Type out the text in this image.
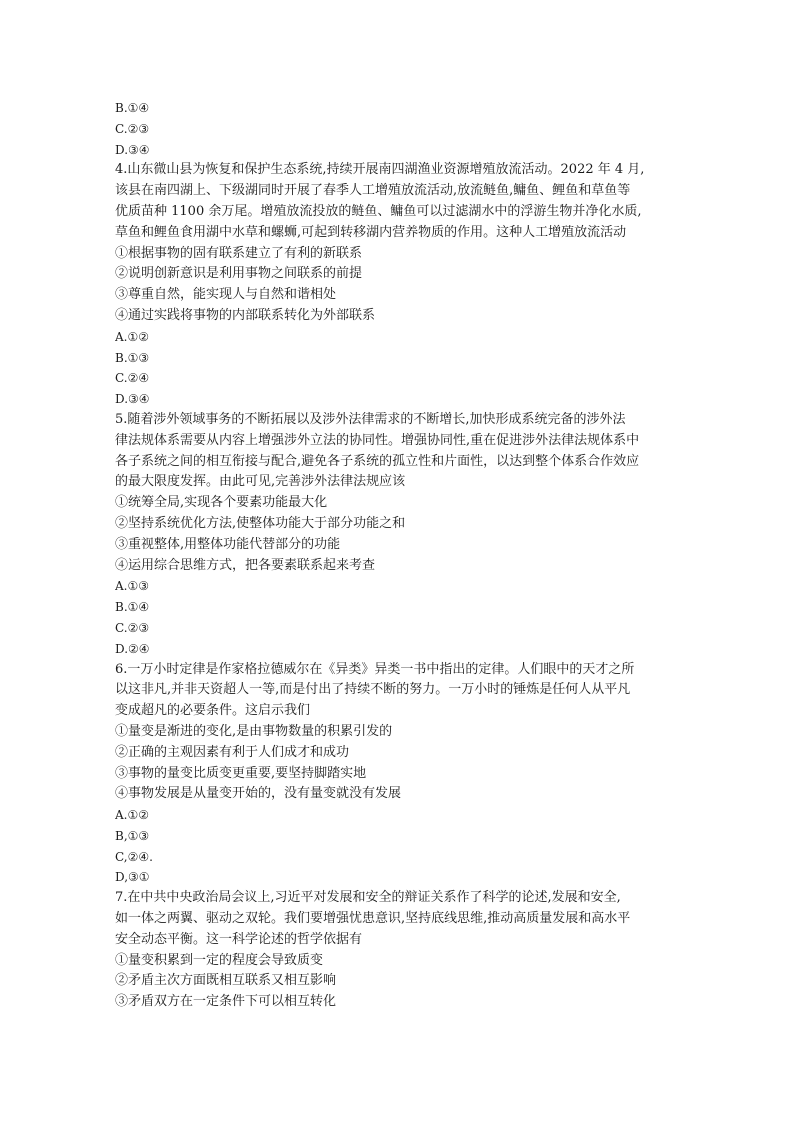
B.①④
C.②③
D.③④
4.山东微山县为恢复和保护生态系统,持续开展南四湖渔业资源增殖放流活动。2022 年 4 月,
该县在南四湖上、下级湖同时开展了春季人工增殖放流活动,放流鲢鱼,鳙鱼、鲤鱼和草鱼等
优质苗种 1100 余万尾。增殖放流投放的鲢鱼、鳙鱼可以过滤湖水中的浮游生物并净化水质,
草鱼和鲤鱼食用湖中水草和螺蛳,可起到转移湖内营养物质的作用。这种人工增殖放流活动
①根据事物的固有联系建立了有利的新联系
②说明创新意识是利用事物之间联系的前提
③尊重自然，能实现人与自然和谐相处
④通过实践将事物的内部联系转化为外部联系
A.①②
B.①③
C.②④
D.③④
5.随着涉外领域事务的不断拓展以及涉外法律需求的不断增长,加快形成系统完备的涉外法
律法规体系需要从内容上增强涉外立法的协同性。增强协同性,重在促进涉外法律法规体系中
各子系统之间的相互衔接与配合,避免各子系统的孤立性和片面性，以达到整个体系合作效应
的最大限度发挥。由此可见,完善涉外法律法规应该
①统筹全局,实现各个要素功能最大化
②坚持系统优化方法,使整体功能大于部分功能之和
③重视整体,用整体功能代替部分的功能
④运用综合思维方式，把各要素联系起来考查
A.①③
B.①④
C.②③
D.②④
6.一万小时定律是作家格拉德威尔在《异类》异类一书中指出的定律。人们眼中的天才之所
以这非凡,并非天资超人一等,而是付出了持续不断的努力。一万小时的锤炼是任何人从平凡
变成超凡的必要条件。这启示我们
①量变是渐进的变化,是由事物数量的积累引发的
②正确的主观因素有利于人们成才和成功
③事物的量变比质变更重要,要坚持脚踏实地
④事物发展是从量变开始的，没有量变就没有发展
A.①②
B,①③
C,②④.
D,③①
7.在中共中央政治局会议上,习近平对发展和安全的辩证关系作了科学的论述,发展和安全,
如一体之两翼、驱动之双轮。我们要增强忧患意识,坚持底线思维,推动高质量发展和高水平
安全动态平衡。这一科学论述的哲学依据有
①量变积累到一定的程度会导致质变
②矛盾主次方面既相互联系又相互影响
③矛盾双方在一定条件下可以相互转化
